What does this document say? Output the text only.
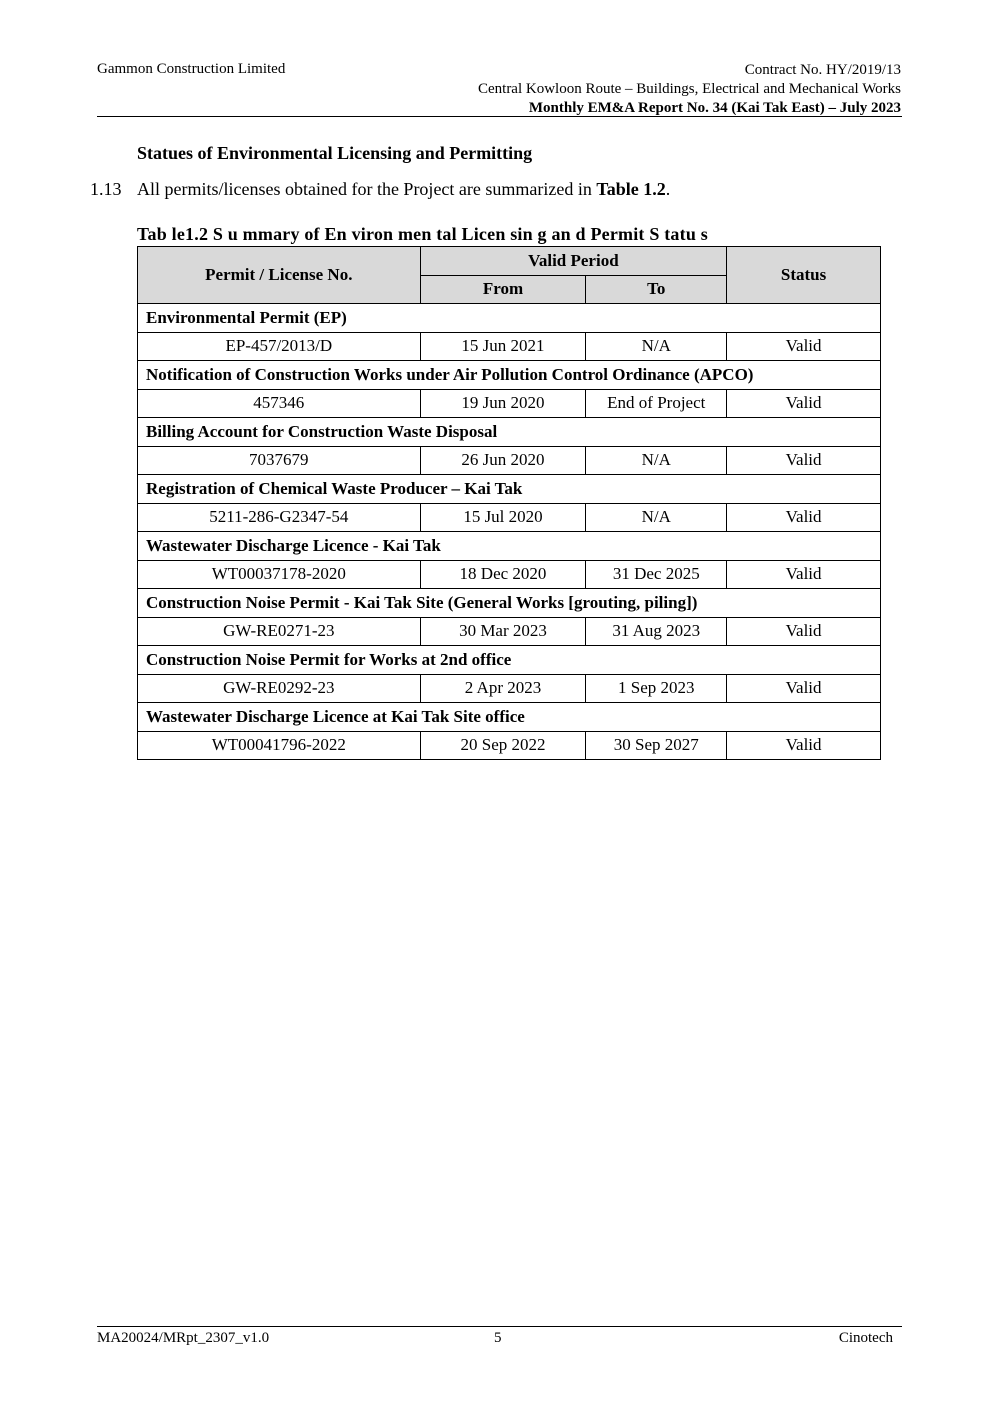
Gammon Construction Limited	Contract No. HY/2019/13
Central Kowloon Route – Buildings, Electrical and Mechanical Works
Monthly EM&A Report No. 34 (Kai Tak East) – July 2023
Statues of Environmental Licensing and Permitting
1.13 All permits/licenses obtained for the Project are summarized in Table 1.2.
Tab le1.2 S u mmary of En viron men tal Licen sin g an d Permit S tatu s
Permit / License No.	Valid Period		Status
	From	To	
Environmental Permit (EP)			
EP-457/2013/D	15 Jun 2021	N/A	Valid
Notification of Construction Works under Air Pollution Control Ordinance (APCO)			
457346	19 Jun 2020	End of Project	Valid
Billing Account for Construction Waste Disposal			
7037679	26 Jun 2020	N/A	Valid
Registration of Chemical Waste Producer – Kai Tak			
5211-286-G2347-54	15 Jul 2020	N/A	Valid
Wastewater Discharge Licence - Kai Tak			
WT00037178-2020	18 Dec 2020	31 Dec 2025	Valid
Construction Noise Permit - Kai Tak Site (General Works [grouting, piling])			
GW-RE0271-23	30 Mar 2023	31 Aug 2023	Valid
Construction Noise Permit for Works at 2nd office			
GW-RE0292-23	2 Apr 2023	1 Sep 2023	Valid
Wastewater Discharge Licence at Kai Tak Site office			
WT00041796-2022	20 Sep 2022	30 Sep 2027	Valid
MA20024/MRpt_2307_v1.0	5	Cinotech
